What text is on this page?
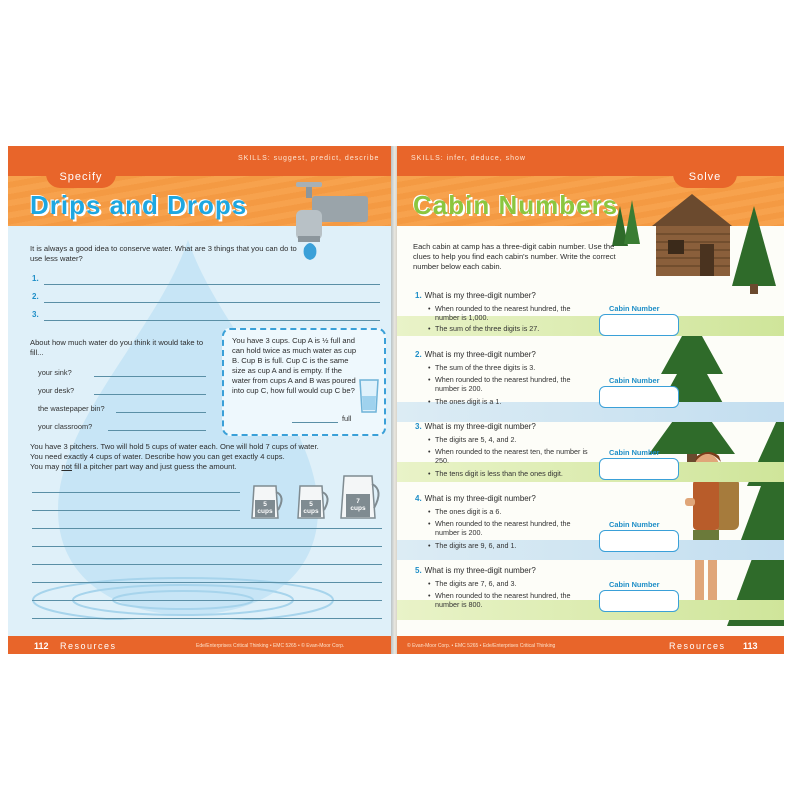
SKILLS: suggest, predict, describe
Specify
Drips and Drops
It is always a good idea to conserve water. What are 3 things that you can do to use less water?
1.
2.
3.
About how much water do you think it would take to fill...
your sink?
your desk?
the wastepaper bin?
your classroom?
You have 3 cups. Cup A is ½ full and can hold twice as much water as cup B. Cup B is full. Cup C is the same size as cup A and is empty. If the water from cups A and B was poured into cup C, how full would cup C be?
full
You have 3 pitchers. Two will hold 5 cups of water each. One will hold 7 cups of water.
You need exactly 4 cups of water. Describe how you can get exactly 4 cups.
You may not fill a pitcher part way and just guess the amount.
5
cups
5
cups
7
cups
112 Resources	Ede/Enterprises Critical Thinking • EMC 5265 • © Evan-Moor Corp.
SKILLS: infer, deduce, show
Solve
Cabin Numbers
Each cabin at camp has a three-digit cabin number. Use the clues to help you find each cabin's number. Write the correct number below each cabin.
1. What is my three-digit number?
• When rounded to the nearest hundred, the number is 1,000.
• The sum of the three digits is 27.
Cabin Number
2. What is my three-digit number?
• The sum of the three digits is 3.
• When rounded to the nearest hundred, the number is 200.
• The ones digit is a 1.
Cabin Number
3. What is my three-digit number?
• The digits are 5, 4, and 2.
• When rounded to the nearest ten, the number is 250.
• The tens digit is less than the ones digit.
Cabin Number
4. What is my three-digit number?
• The ones digit is a 6.
• When rounded to the nearest hundred, the number is 200.
• The digits are 9, 6, and 1.
Cabin Number
5. What is my three-digit number?
• The digits are 7, 6, and 3.
• When rounded to the nearest hundred, the number is 800.
Cabin Number
© Evan-Moor Corp. • EMC 5265 • Ede/Enterprises Critical Thinking	Resources 113
